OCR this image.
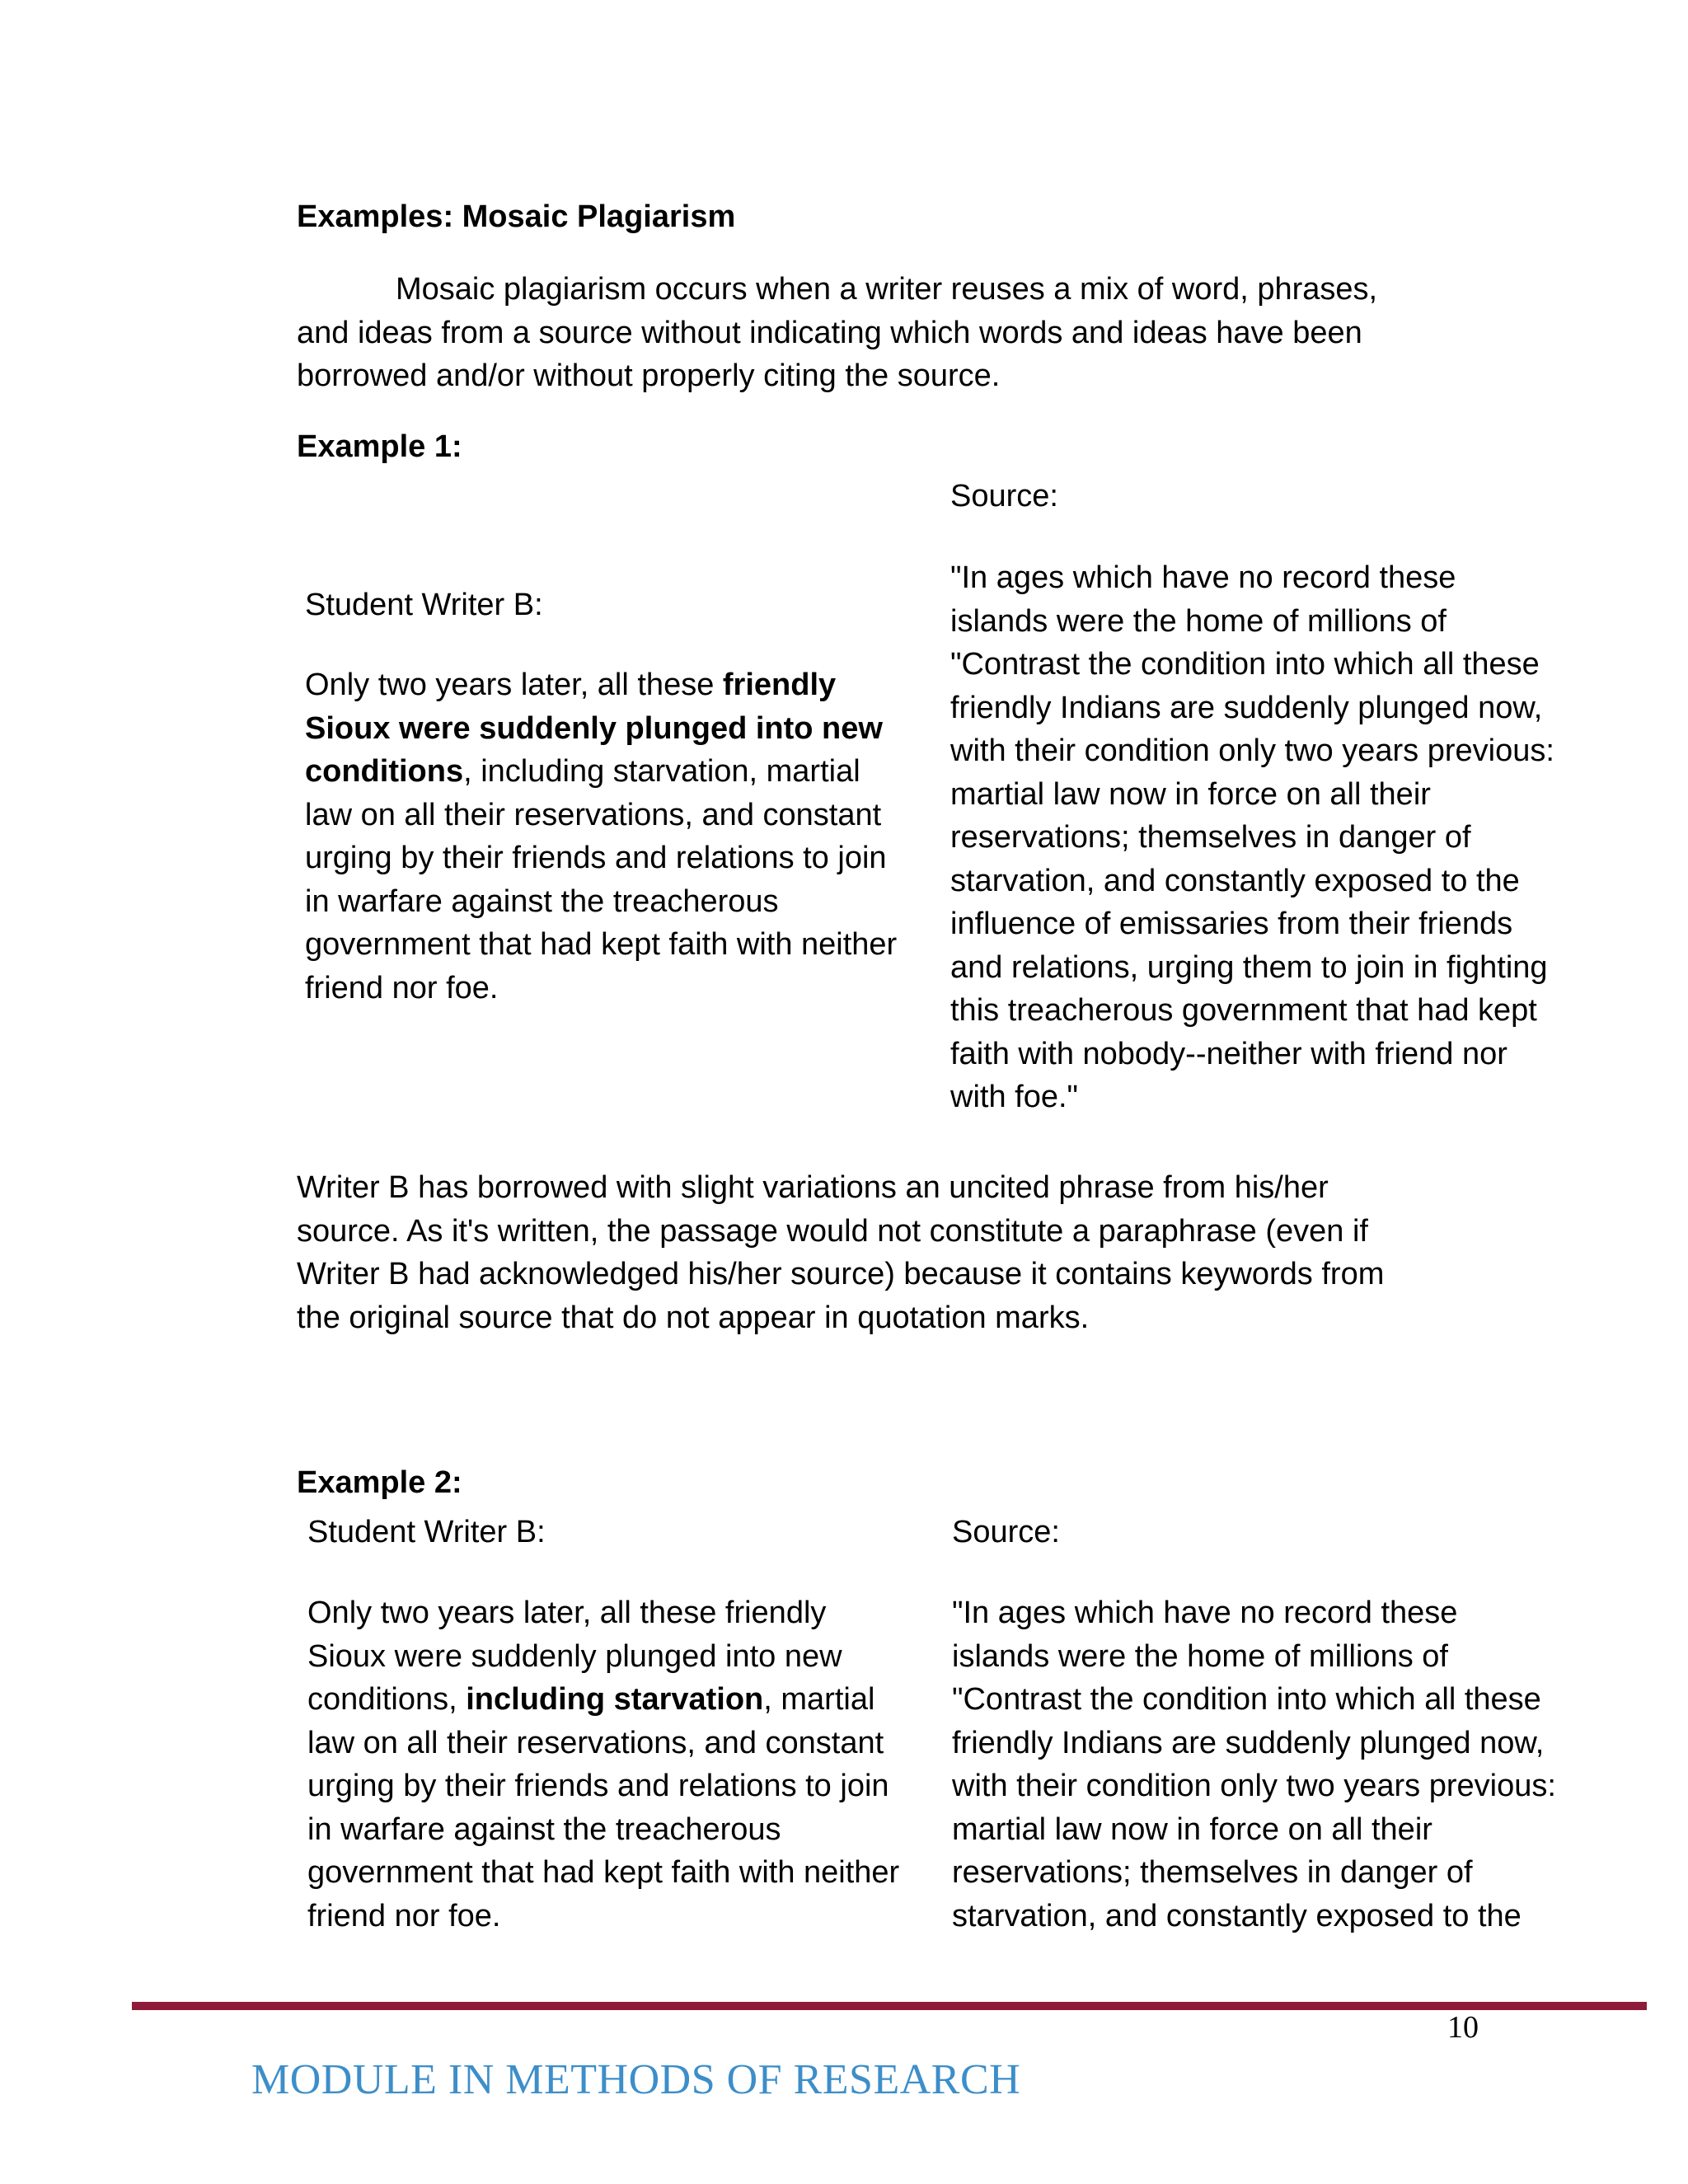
Examples: Mosaic Plagiarism
Mosaic plagiarism occurs when a writer reuses a mix of word, phrases,
and ideas from a source without indicating which words and ideas have been
borrowed and/or without properly citing the source.
Example 1:
Source:
Student Writer B:
Only two years later, all these friendly
Sioux were suddenly plunged into new
conditions, including starvation, martial
law on all their reservations, and constant
urging by their friends and relations to join
in warfare against the treacherous
government that had kept faith with neither
friend nor foe.
"In ages which have no record these
islands were the home of millions of
"Contrast the condition into which all these
friendly Indians are suddenly plunged now,
with their condition only two years previous:
martial law now in force on all their
reservations; themselves in danger of
starvation, and constantly exposed to the
influence of emissaries from their friends
and relations, urging them to join in fighting
this treacherous government that had kept
faith with nobody--neither with friend nor
with foe."
Writer B has borrowed with slight variations an uncited phrase from his/her
source. As it's written, the passage would not constitute a paraphrase (even if
Writer B had acknowledged his/her source) because it contains keywords from
the original source that do not appear in quotation marks.
Example 2:
Student Writer B:	Source:
Only two years later, all these friendly
Sioux were suddenly plunged into new
conditions, including starvation, martial
law on all their reservations, and constant
urging by their friends and relations to join
in warfare against the treacherous
government that had kept faith with neither
friend nor foe.
"In ages which have no record these
islands were the home of millions of
"Contrast the condition into which all these
friendly Indians are suddenly plunged now,
with their condition only two years previous:
martial law now in force on all their
reservations; themselves in danger of
starvation, and constantly exposed to the
10
MODULE IN METHODS OF RESEARCH
